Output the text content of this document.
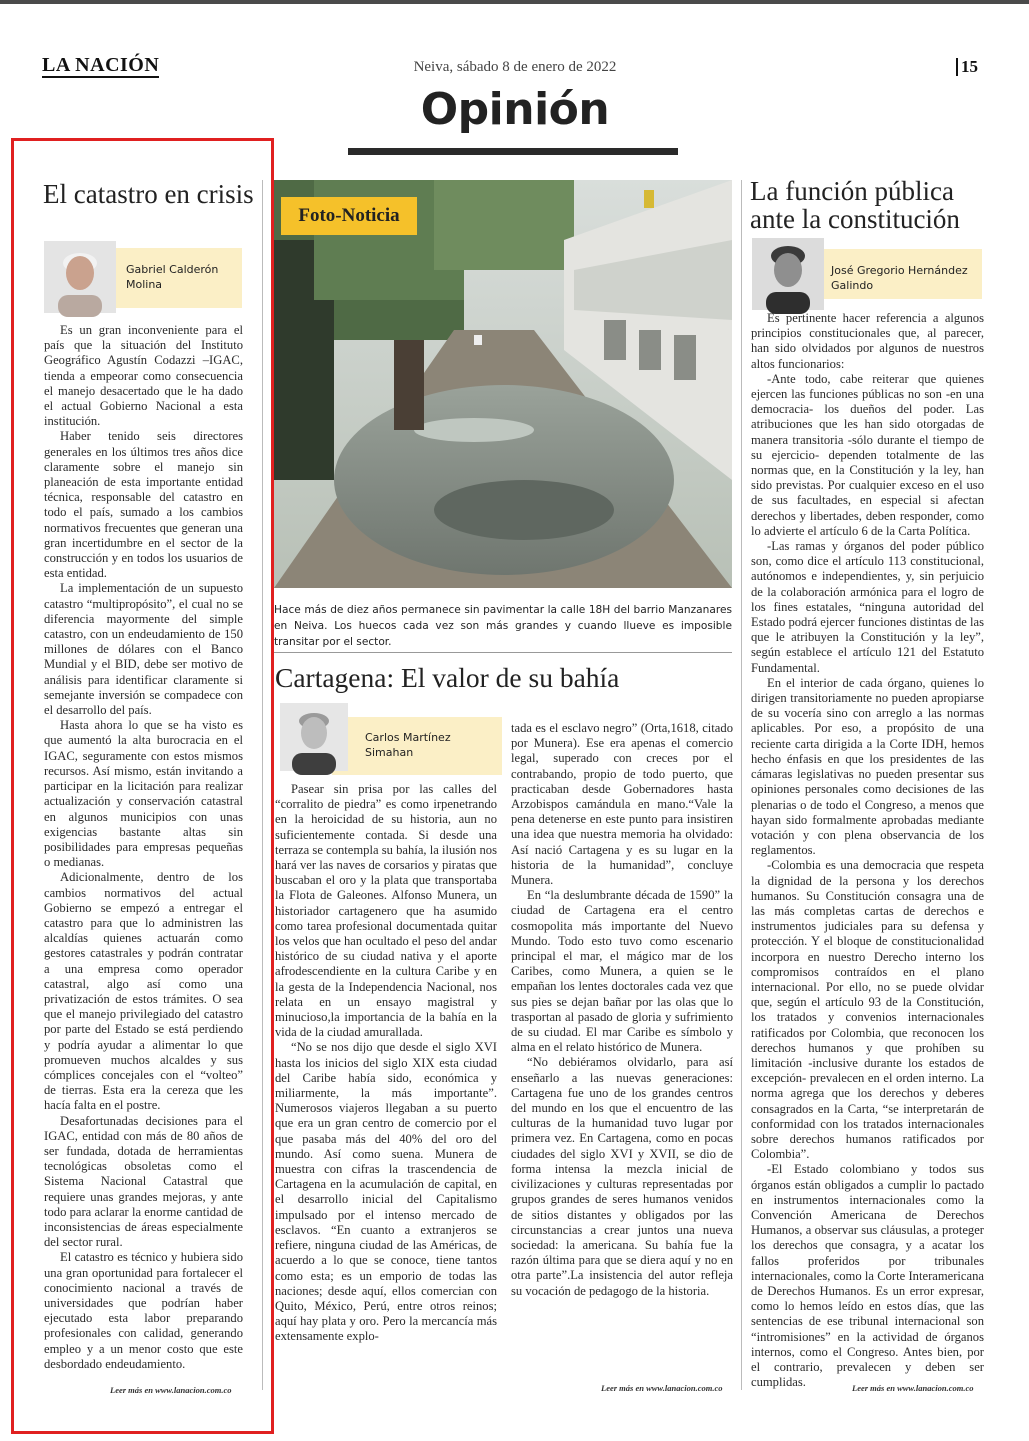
LA NACIÓN	Neiva, sábado 8 de enero de 2022	15
Opinión
El catastro en crisis
Gabriel Calderón Molina

Es un gran inconveniente para el país que la situación del Instituto Geográfico Agustín Codazzi –IGAC, tienda a empeorar como consecuencia el manejo desacertado que le ha dado el actual Gobierno Nacional a esta institución.

Haber tenido seis directores generales en los últimos tres años dice claramente sobre el manejo sin planeación de esta importante entidad técnica, responsable del catastro en todo el país, sumado a los cambios normativos frecuentes que generan una gran incertidumbre en el sector de la construcción y en todos los usuarios de esta entidad.

La implementación de un supuesto catastro “multipropósito”, el cual no se diferencia mayormente del simple catastro, con un endeudamiento de 150 millones de dólares con el Banco Mundial y el BID, debe ser motivo de análisis para identificar claramente si semejante inversión se compadece con el desarrollo del país.

Hasta ahora lo que se ha visto es que aumentó la alta burocracia en el IGAC, seguramente con estos mismos recursos. Así mismo, están invitando a participar en la licitación para realizar actualización y conservación catastral en algunos municipios con unas exigencias bastante altas sin posibilidades para empresas pequeñas o medianas.

Adicionalmente, dentro de los cambios normativos del actual Gobierno se empezó a entregar el catastro para que lo administren las alcaldías quienes actuarán como gestores catastrales y podrán contratar a una empresa como operador catastral, algo así como una privatización de estos trámites. O sea que el manejo privilegiado del catastro por parte del Estado se está perdiendo y podría ayudar a alimentar lo que promueven muchos alcaldes y sus cómplices concejales con el “volteo” de tierras. Esta era la cereza que les hacía falta en el postre.

Desafortunadas decisiones para el IGAC, entidad con más de 80 años de ser fundada, dotada de herramientas tecnológicas obsoletas como el Sistema Nacional Catastral que requiere unas grandes mejoras, y ante todo para aclarar la enorme cantidad de inconsistencias de áreas especialmente del sector rural.

El catastro es técnico y hubiera sido una gran oportunidad para fortalecer el conocimiento nacional a través de universidades que podrían haber ejecutado esta labor preparando profesionales con calidad, generando empleo y a un menor costo que este desbordado endeudamiento.

Leer más en www.lanacion.com.co
Foto-Noticia
Hace más de diez años permanece sin pavimentar la calle 18H del barrio Manzanares en Neiva. Los huecos cada vez son más grandes y cuando llueve es imposible transitar por el sector.
Cartagena: El valor de su bahía
Carlos Martínez Simahan

Pasear sin prisa por las calles del “corralito de piedra” es como irpenetrando en la heroicidad de su historia, aun no suficientemente contada. Si desde una terraza se contempla su bahía, la ilusión nos hará ver las naves de corsarios y piratas que buscaban el oro y la plata que transportaba la Flota de Galeones. Alfonso Munera, un historiador cartagenero que ha asumido como tarea profesional documentada quitar los velos que han ocultado el peso del andar histórico de su ciudad nativa y el aporte afrodescendiente en la cultura Caribe y en la gesta de la Independencia Nacional, nos relata en un ensayo magistral y minucioso,la importancia de la bahía en la vida de la ciudad amurallada.

“No se nos dijo que desde el siglo XVI hasta los inicios del siglo XIX esta ciudad del Caribe había sido, económica y miliarmente, la más importante”. Numerosos viajeros llegaban a su puerto que era un gran centro de comercio por el que pasaba más del 40% del oro del mundo. Así como suena. Munera de muestra con cifras la trascendencia de Cartagena en la acumulación de capital, en el desarrollo inicial del Capitalismo impulsado por el intenso mercado de esclavos. “En cuanto a extranjeros se refiere, ninguna ciudad de las Américas, de acuerdo a lo que se conoce, tiene tantos como esta; es un emporio de todas las naciones; desde aquí, ellos comercian con Quito, México, Perú, entre otros reinos; aquí hay plata y oro. Pero la mercancía más extensamente explo-

tada es el esclavo negro” (Orta,1618, citado por Munera). Ese era apenas el comercio legal, superado con creces por el contrabando, propio de todo puerto, que practicaban desde Gobernadores hasta Arzobispos camándula en mano.“Vale la pena detenerse en este punto para insistiren una idea que nuestra memoria ha olvidado: Así nació Cartagena y es su lugar en la historia de la humanidad”, concluye Munera.

En “la deslumbrante década de 1590” la ciudad de Cartagena era el centro cosmopolita más importante del Nuevo Mundo. Todo esto tuvo como escenario principal el mar, el mágico mar de los Caribes, como Munera, a quien se le empañan los lentes doctorales cada vez que sus pies se dejan bañar por las olas que lo trasportan al pasado de gloria y sufrimiento de su ciudad. El mar Caribe es símbolo y alma en el relato histórico de Munera.

“No debiéramos olvidarlo, para así enseñarlo a las nuevas generaciones: Cartagena fue uno de los grandes centros del mundo en los que el encuentro de las culturas de la humanidad tuvo lugar por primera vez. En Cartagena, como en pocas ciudades del siglo XVI y XVII, se dio de forma intensa la mezcla inicial de civilizaciones y culturas representadas por grupos grandes de seres humanos venidos de sitios distantes y obligados por las circunstancias a crear juntos una nueva sociedad: la americana. Su bahía fue la razón última para que se diera aquí y no en otra parte”.La insistencia del autor refleja su vocación de pedagogo de la historia.

Leer más en www.lanacion.com.co
La función pública ante la constitución
José Gregorio Hernández Galindo

Es pertinente hacer referencia a algunos principios constitucionales que, al parecer, han sido olvidados por algunos de nuestros altos funcionarios:

-Ante todo, cabe reiterar que quienes ejercen las funciones públicas no son -en una democracia- los dueños del poder. Las atribuciones que les han sido otorgadas de manera transitoria -sólo durante el tiempo de su ejercicio- dependen totalmente de las normas que, en la Constitución y la ley, han sido previstas. Por cualquier exceso en el uso de sus facultades, en especial si afectan derechos y libertades, deben responder, como lo advierte el artículo 6 de la Carta Política.

-Las ramas y órganos del poder público son, como dice el artículo 113 constitucional, autónomos e independientes, y, sin perjuicio de la colaboración armónica para el logro de los fines estatales, “ninguna autoridad del Estado podrá ejercer funciones distintas de las que le atribuyen la Constitución y la ley”, según establece el artículo 121 del Estatuto Fundamental.

En el interior de cada órgano, quienes lo dirigen transitoriamente no pueden apropiarse de su vocería sino con arreglo a las normas aplicables. Por eso, a propósito de una reciente carta dirigida a la Corte IDH, hemos hecho énfasis en que los presidentes de las cámaras legislativas no pueden presentar sus opiniones personales como decisiones de las plenarias o de todo el Congreso, a menos que hayan sido formalmente aprobadas mediante votación y con plena observancia de los reglamentos.

-Colombia es una democracia que respeta la dignidad de la persona y los derechos humanos. Su Constitución consagra una de las más completas cartas de derechos e instrumentos judiciales para su defensa y protección. Y el bloque de constitucionalidad incorpora en nuestro Derecho interno los compromisos contraídos en el plano internacional. Por ello, no se puede olvidar que, según el artículo 93 de la Constitución, los tratados y convenios internacionales ratificados por Colombia, que reconocen los derechos humanos y que prohíben su limitación -inclusive durante los estados de excepción- prevalecen en el orden interno. La norma agrega que los derechos y deberes consagrados en la Carta, “se interpretarán de conformidad con los tratados internacionales sobre derechos humanos ratificados por Colombia”.

-El Estado colombiano y todos sus órganos están obligados a cumplir lo pactado en instrumentos internacionales como la Convención Americana de Derechos Humanos, a observar sus cláusulas, a proteger los derechos que consagra, y a acatar los fallos proferidos por tribunales internacionales, como la Corte Interamericana de Derechos Humanos. Es un error expresar, como lo hemos leído en estos días, que las sentencias de ese tribunal internacional son “intromisiones” en la actividad de órganos internos, como el Congreso. Antes bien, por el contrario, prevalecen y deben ser cumplidas.	Leer más en www.lanacion.com.co
